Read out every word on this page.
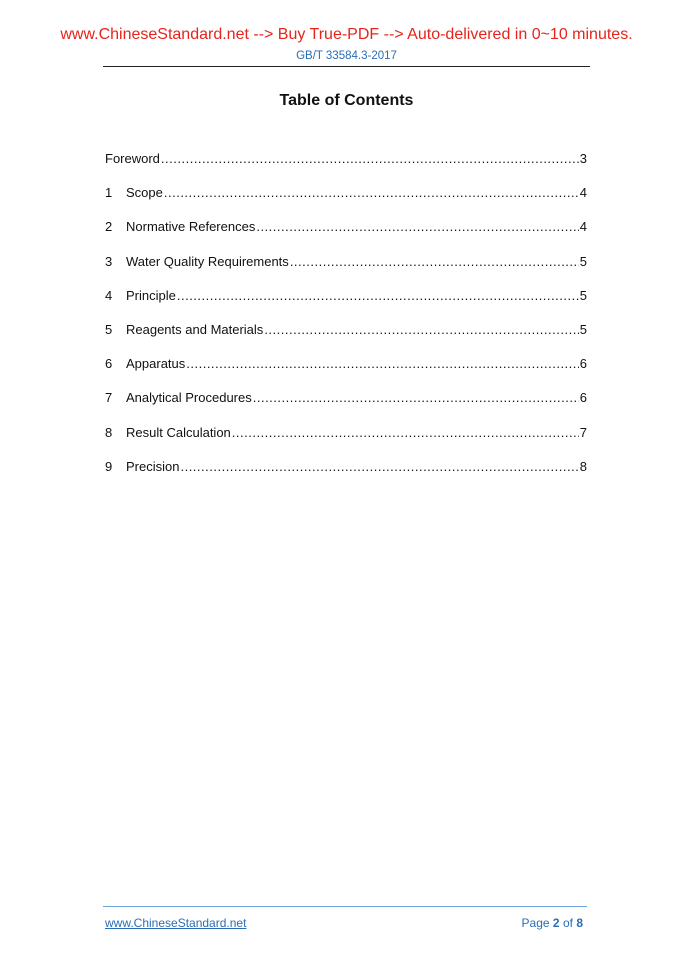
www.ChineseStandard.net --> Buy True-PDF --> Auto-delivered in 0~10 minutes.
GB/T 33584.3-2017
Table of Contents
Foreword .....	3
1	Scope .....	4
2	Normative References .....	4
3	Water Quality Requirements .....	5
4	Principle .....	5
5	Reagents and Materials .....	5
6	Apparatus .....	6
7	Analytical Procedures .....	6
8	Result Calculation .....	7
9	Precision .....	8
www.ChineseStandard.net	Page 2 of 8
